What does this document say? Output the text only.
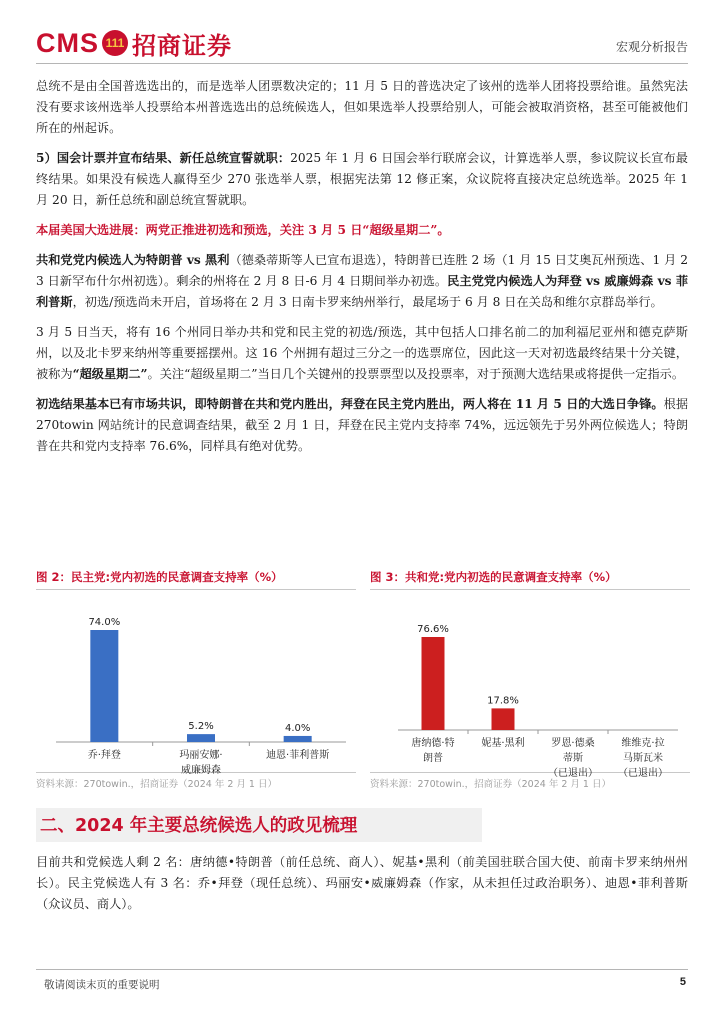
CMS 111 招商证券	宏观分析报告

总统不是由全国普选选出的，而是选举人团票数决定的；11 月 5 日的普选决定了该州的选举人团将投票给谁。虽然宪法没有要求该州选举人投票给本州普选选出的总统候选人，但如果选举人投票给别人，可能会被取消资格，甚至可能被他们所在的州起诉。

5）国会计票并宣布结果、新任总统宣誓就职：2025 年 1 月 6 日国会举行联席会议，计算选举人票，参议院议长宣布最终结果。如果没有候选人赢得至少 270 张选举人票，根据宪法第 12 修正案，众议院将直接决定总统选举。2025 年 1 月 20 日，新任总统和副总统宣誓就职。

本届美国大选进展：两党正推进初选和预选，关注 3 月 5 日“超级星期二”。

共和党党内候选人为特朗普 vs 黑利（德桑蒂斯等人已宣布退选），特朗普已连胜 2 场（1 月 15 日艾奥瓦州预选、1 月 23 日新罕布什尔州初选）。剩余的州将在 2 月 8 日-6 月 4 日期间举办初选。民主党党内候选人为拜登 vs 威廉姆森 vs 菲利普斯，初选/预选尚未开启，首场将在 2 月 3 日南卡罗来纳州举行，最尾场于 6 月 8 日在关岛和维尔京群岛举行。

3 月 5 日当天，将有 16 个州同日举办共和党和民主党的初选/预选，其中包括人口排名前二的加利福尼亚州和德克萨斯州，以及北卡罗来纳州等重要摇摆州。这 16 个州拥有超过三分之一的选票席位，因此这一天对初选最终结果十分关键，被称为“超级星期二”。关注“超级星期二”当日几个关键州的投票票型以及投票率，对于预测大选结果或将提供一定指示。

初选结果基本已有市场共识，即特朗普在共和党内胜出，拜登在民主党内胜出，两人将在 11 月 5 日的大选日争锋。根据 270towin 网站统计的民意调查结果，截至 2 月 1 日，拜登在民主党内支持率 74%，远远领先于另外两位候选人；特朗普在共和党内支持率 76.6%，同样具有绝对优势。

图 2：民主党:党内初选的民意调查支持率（%）
74.0%
乔·拜登
5.2%
玛丽安娜·威廉姆森
4.0%
迪恩·菲利普斯
资料来源：270towin.，招商证券（2024 年 2 月 1 日）
图 3：共和党:党内初选的民意调查支持率（%）
76.6%
唐纳德·特朗普
17.8%
妮基·黑利	罗恩·德桑蒂斯（已退出）
维维克·拉马斯瓦米（已退出）
资料来源：270towin.，招商证券（2024 年 2 月 1 日）
二、2024 年主要总统候选人的政见梳理

目前共和党候选人剩 2 名：唐纳德•特朗普（前任总统、商人）、妮基•黑利（前美国驻联合国大使、前南卡罗来纳州州长）。民主党候选人有 3 名：乔•拜登（现任总统）、玛丽安•威廉姆森（作家，从未担任过政治职务）、迪恩•菲利普斯（众议员、商人）。

敬请阅读末页的重要说明	5
